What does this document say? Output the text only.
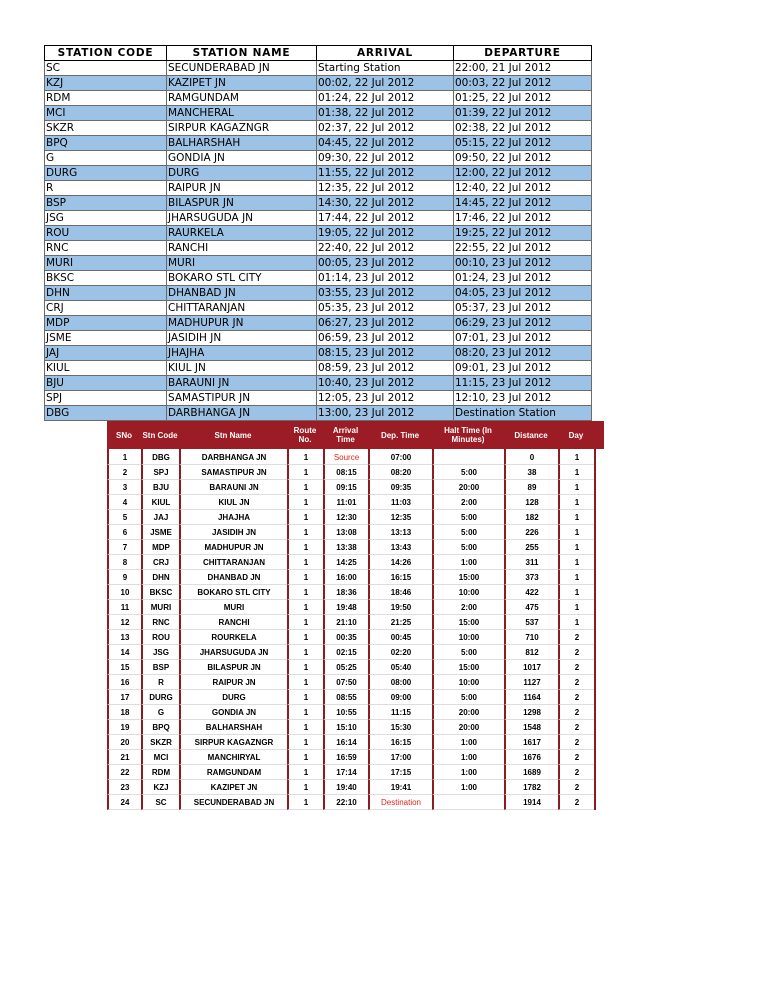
STATION CODE	STATION NAME	ARRIVAL	DEPARTURE
SC	SECUNDERABAD JN	Starting Station	22:00, 21 Jul 2012
KZJ	KAZIPET JN	00:02, 22 Jul 2012	00:03, 22 Jul 2012
RDM	RAMGUNDAM	01:24, 22 Jul 2012	01:25, 22 Jul 2012
MCI	MANCHERAL	01:38, 22 Jul 2012	01:39, 22 Jul 2012
SKZR	SIRPUR KAGAZNGR	02:37, 22 Jul 2012	02:38, 22 Jul 2012
BPQ	BALHARSHAH	04:45, 22 Jul 2012	05:15, 22 Jul 2012
G	GONDIA JN	09:30, 22 Jul 2012	09:50, 22 Jul 2012
DURG	DURG	11:55, 22 Jul 2012	12:00, 22 Jul 2012
R	RAIPUR JN	12:35, 22 Jul 2012	12:40, 22 Jul 2012
BSP	BILASPUR JN	14:30, 22 Jul 2012	14:45, 22 Jul 2012
JSG	JHARSUGUDA JN	17:44, 22 Jul 2012	17:46, 22 Jul 2012
ROU	RAURKELA	19:05, 22 Jul 2012	19:25, 22 Jul 2012
RNC	RANCHI	22:40, 22 Jul 2012	22:55, 22 Jul 2012
MURI	MURI	00:05, 23 Jul 2012	00:10, 23 Jul 2012
BKSC	BOKARO STL CITY	01:14, 23 Jul 2012	01:24, 23 Jul 2012
DHN	DHANBAD JN	03:55, 23 Jul 2012	04:05, 23 Jul 2012
CRJ	CHITTARANJAN	05:35, 23 Jul 2012	05:37, 23 Jul 2012
MDP	MADHUPUR JN	06:27, 23 Jul 2012	06:29, 23 Jul 2012
JSME	JASIDIH JN	06:59, 23 Jul 2012	07:01, 23 Jul 2012
JAJ	JHAJHA	08:15, 23 Jul 2012	08:20, 23 Jul 2012
KIUL	KIUL JN	08:59, 23 Jul 2012	09:01, 23 Jul 2012
BJU	BARAUNI JN	10:40, 23 Jul 2012	11:15, 23 Jul 2012
SPJ	SAMASTIPUR JN	12:05, 23 Jul 2012	12:10, 23 Jul 2012
DBG	DARBHANGA JN	13:00, 23 Jul 2012	Destination Station
SNo	Stn Code	Stn Name	Route No.	Arrival Time	Dep. Time	Halt Time (In Minutes)	Distance	Day	
1	DBG	DARBHANGA JN	1	Source	07:00		0	1	
2	SPJ	SAMASTIPUR JN	1	08:15	08:20	5:00	38	1	
3	BJU	BARAUNI JN	1	09:15	09:35	20:00	89	1	
4	KIUL	KIUL JN	1	11:01	11:03	2:00	128	1	
5	JAJ	JHAJHA	1	12:30	12:35	5:00	182	1	
6	JSME	JASIDIH JN	1	13:08	13:13	5:00	226	1	
7	MDP	MADHUPUR JN	1	13:38	13:43	5:00	255	1	
8	CRJ	CHITTARANJAN	1	14:25	14:26	1:00	311	1	
9	DHN	DHANBAD JN	1	16:00	16:15	15:00	373	1	
10	BKSC	BOKARO STL CITY	1	18:36	18:46	10:00	422	1	
11	MURI	MURI	1	19:48	19:50	2:00	475	1	
12	RNC	RANCHI	1	21:10	21:25	15:00	537	1	
13	ROU	ROURKELA	1	00:35	00:45	10:00	710	2	
14	JSG	JHARSUGUDA JN	1	02:15	02:20	5:00	812	2	
15	BSP	BILASPUR JN	1	05:25	05:40	15:00	1017	2	
16	R	RAIPUR JN	1	07:50	08:00	10:00	1127	2	
17	DURG	DURG	1	08:55	09:00	5:00	1164	2	
18	G	GONDIA JN	1	10:55	11:15	20:00	1298	2	
19	BPQ	BALHARSHAH	1	15:10	15:30	20:00	1548	2	
20	SKZR	SIRPUR KAGAZNGR	1	16:14	16:15	1:00	1617	2	
21	MCI	MANCHIRYAL	1	16:59	17:00	1:00	1676	2	
22	RDM	RAMGUNDAM	1	17:14	17:15	1:00	1689	2	
23	KZJ	KAZIPET JN	1	19:40	19:41	1:00	1782	2	
24	SC	SECUNDERABAD JN	1	22:10	Destination		1914	2	
